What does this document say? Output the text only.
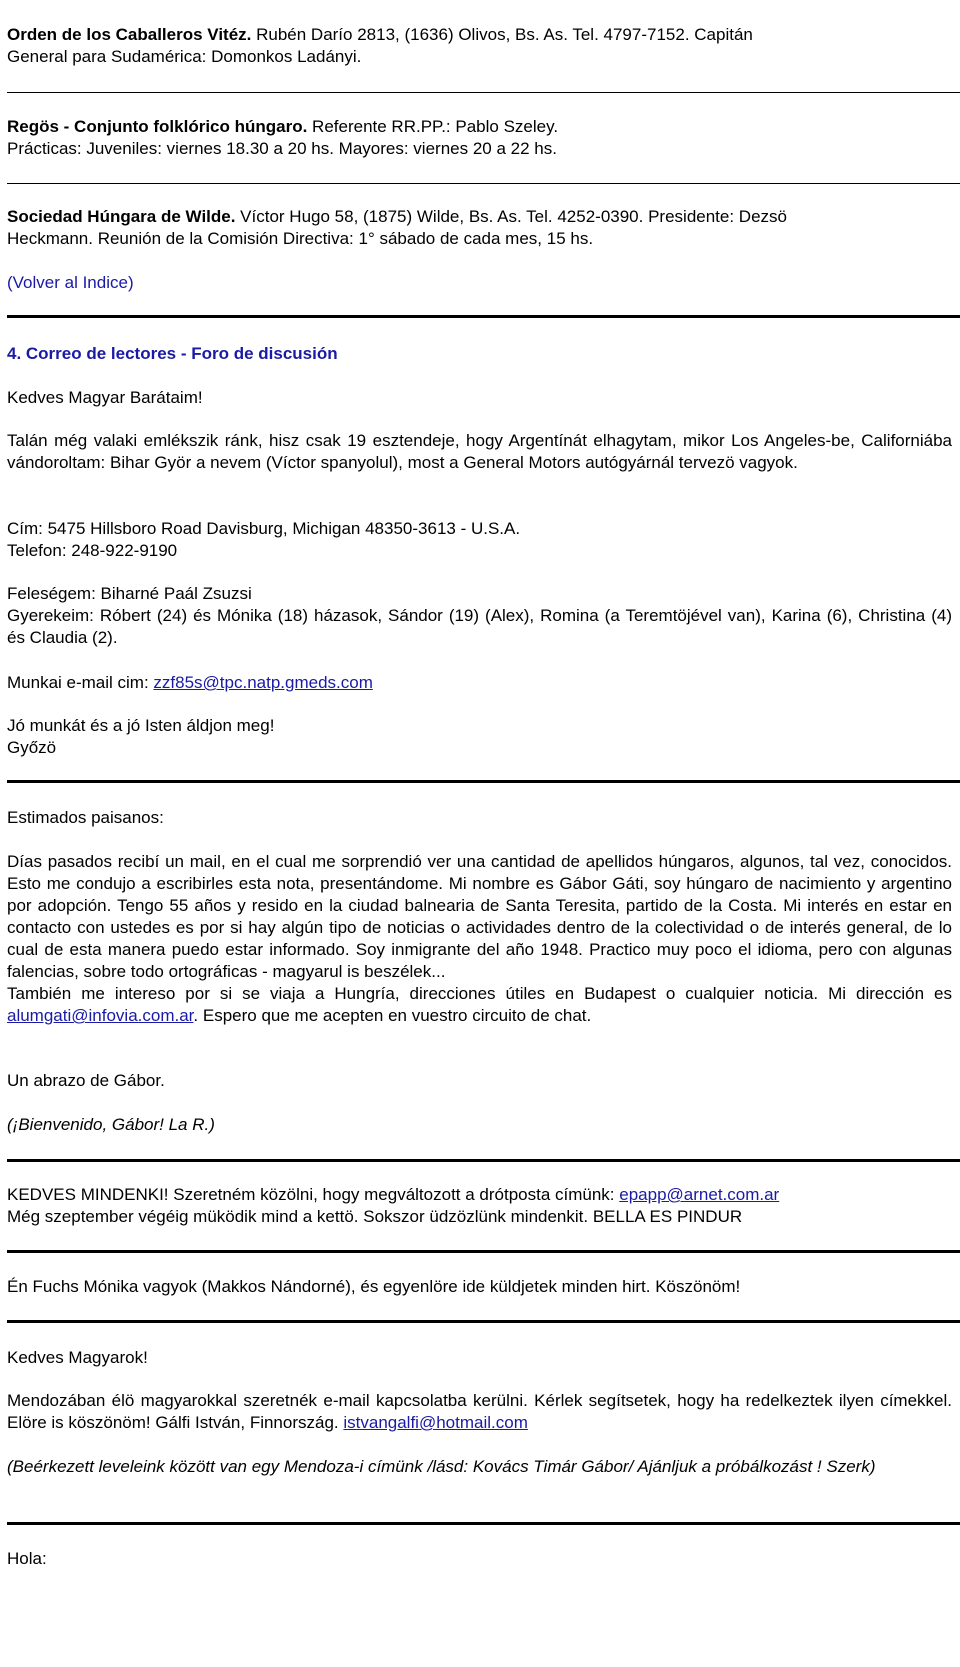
Orden de los Caballeros Vitéz. Rubén Darío 2813, (1636) Olivos, Bs. As. Tel. 4797-7152. Capitán
General para Sudamérica: Domonkos Ladányi.

Regös - Conjunto folklórico húngaro. Referente RR.PP.: Pablo Szeley.
Prácticas: Juveniles: viernes 18.30 a 20 hs. Mayores: viernes 20 a 22 hs.

Sociedad Húngara de Wilde. Víctor Hugo 58, (1875) Wilde, Bs. As. Tel. 4252-0390. Presidente: Dezsö
Heckmann. Reunión de la Comisión Directiva: 1° sábado de cada mes, 15 hs.

(Volver al Indice)

4. Correo de lectores - Foro de discusión

Kedves Magyar Barátaim!

Talán még valaki emlékszik ránk, hisz csak 19 esztendeje, hogy Argentínát elhagytam, mikor Los Angeles-be, Californiába vándoroltam: Bihar Györ a nevem (Víctor spanyolul), most a General Motors autógyárnál tervezö vagyok.

Cím: 5475 Hillsboro Road Davisburg, Michigan 48350-3613 - U.S.A.
Telefon: 248-922-9190

Feleségem: Biharné Paál Zsuzsi

Gyerekeim: Róbert (24) és Mónika (18) házasok, Sándor (19) (Alex), Romina (a Teremtöjével van), Karina (6), Christina (4) és Claudia (2).

Munkai e-mail cim: zzf85s@tpc.natp.gmeds.com

Jó munkát és a jó Isten áldjon meg!
Győzö

Estimados paisanos:

Días pasados recibí un mail, en el cual me sorprendió ver una cantidad de apellidos húngaros, algunos, tal vez, conocidos. Esto me condujo a escribirles esta nota, presentándome. Mi nombre es Gábor Gáti, soy húngaro de nacimiento y argentino por adopción. Tengo 55 años y resido en la ciudad balnearia de Santa Teresita, partido de la Costa. Mi interés en estar en contacto con ustedes es por si hay algún tipo de noticias o actividades dentro de la colectividad o de interés general, de lo cual de esta manera puedo estar informado. Soy inmigrante del año 1948. Practico muy poco el idioma, pero con algunas falencias, sobre todo ortográficas - magyarul is beszélek...
También me intereso por si se viaja a Hungría, direcciones útiles en Budapest o cualquier noticia. Mi dirección es alumgati@infovia.com.ar. Espero que me acepten en vuestro circuito de chat.

Un abrazo de Gábor.

(¡Bienvenido, Gábor! La R.)

KEDVES MINDENKI! Szeretném közölni, hogy megváltozott a drótposta címünk: epapp@arnet.com.ar
Még szeptember végéig müködik mind a kettö. Sokszor üdzözlünk mindenkit. BELLA ES PINDUR

Én Fuchs Mónika vagyok (Makkos Nándorné), és egyenlöre ide küldjetek minden hirt. Köszönöm!

Kedves Magyarok!

Mendozában élö magyarokkal szeretnék e-mail kapcsolatba kerülni. Kérlek segítsetek, hogy ha redelkeztek ilyen címekkel. Elöre is köszönöm! Gálfi István, Finnország. istvangalfi@hotmail.com

(Beérkezett leveleink között van egy Mendoza-i címünk /lásd: Kovács Timár Gábor/ Ajánljuk a próbálkozást ! Szerk)

Hola:
